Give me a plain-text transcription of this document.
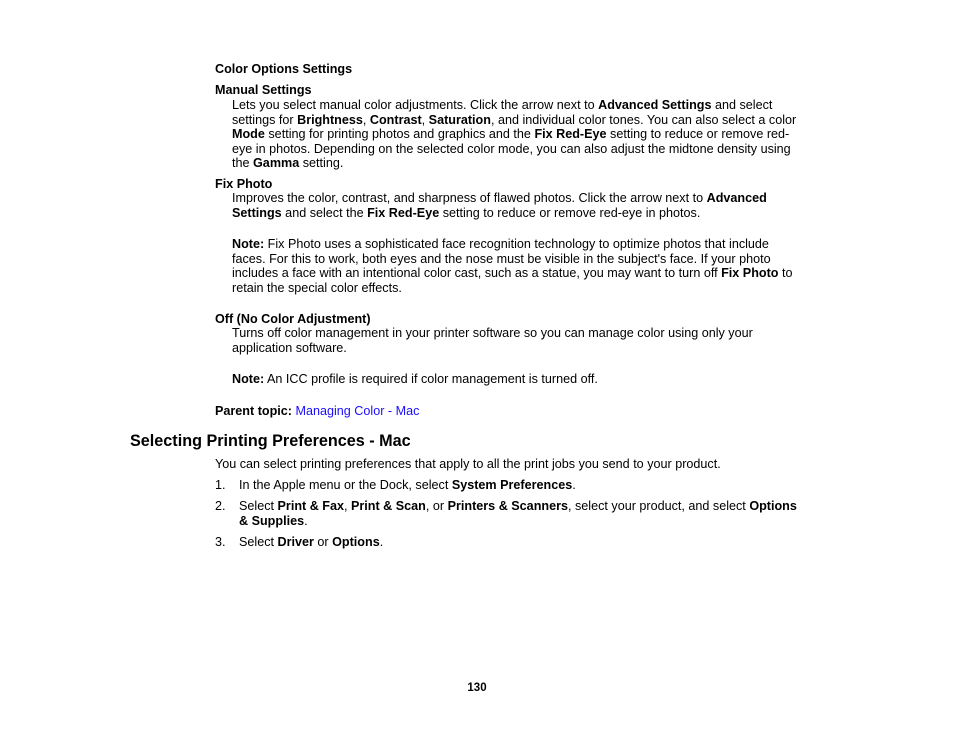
Color Options Settings
Manual Settings
Lets you select manual color adjustments. Click the arrow next to Advanced Settings and select
settings for Brightness, Contrast, Saturation, and individual color tones. You can also select a color
Mode setting for printing photos and graphics and the Fix Red-Eye setting to reduce or remove red-
eye in photos. Depending on the selected color mode, you can also adjust the midtone density using
the Gamma setting.
Fix Photo
Improves the color, contrast, and sharpness of flawed photos. Click the arrow next to Advanced
Settings and select the Fix Red-Eye setting to reduce or remove red-eye in photos.
Note: Fix Photo uses a sophisticated face recognition technology to optimize photos that include
faces. For this to work, both eyes and the nose must be visible in the subject's face. If your photo
includes a face with an intentional color cast, such as a statue, you may want to turn off Fix Photo to
retain the special color effects.
Off (No Color Adjustment)
Turns off color management in your printer software so you can manage color using only your
application software.
Note: An ICC profile is required if color management is turned off.
Parent topic: Managing Color - Mac
Selecting Printing Preferences - Mac
You can select printing preferences that apply to all the print jobs you send to your product.
1. In the Apple menu or the Dock, select System Preferences.
2. Select Print & Fax, Print & Scan, or Printers & Scanners, select your product, and select Options
& Supplies.
3. Select Driver or Options.
130
